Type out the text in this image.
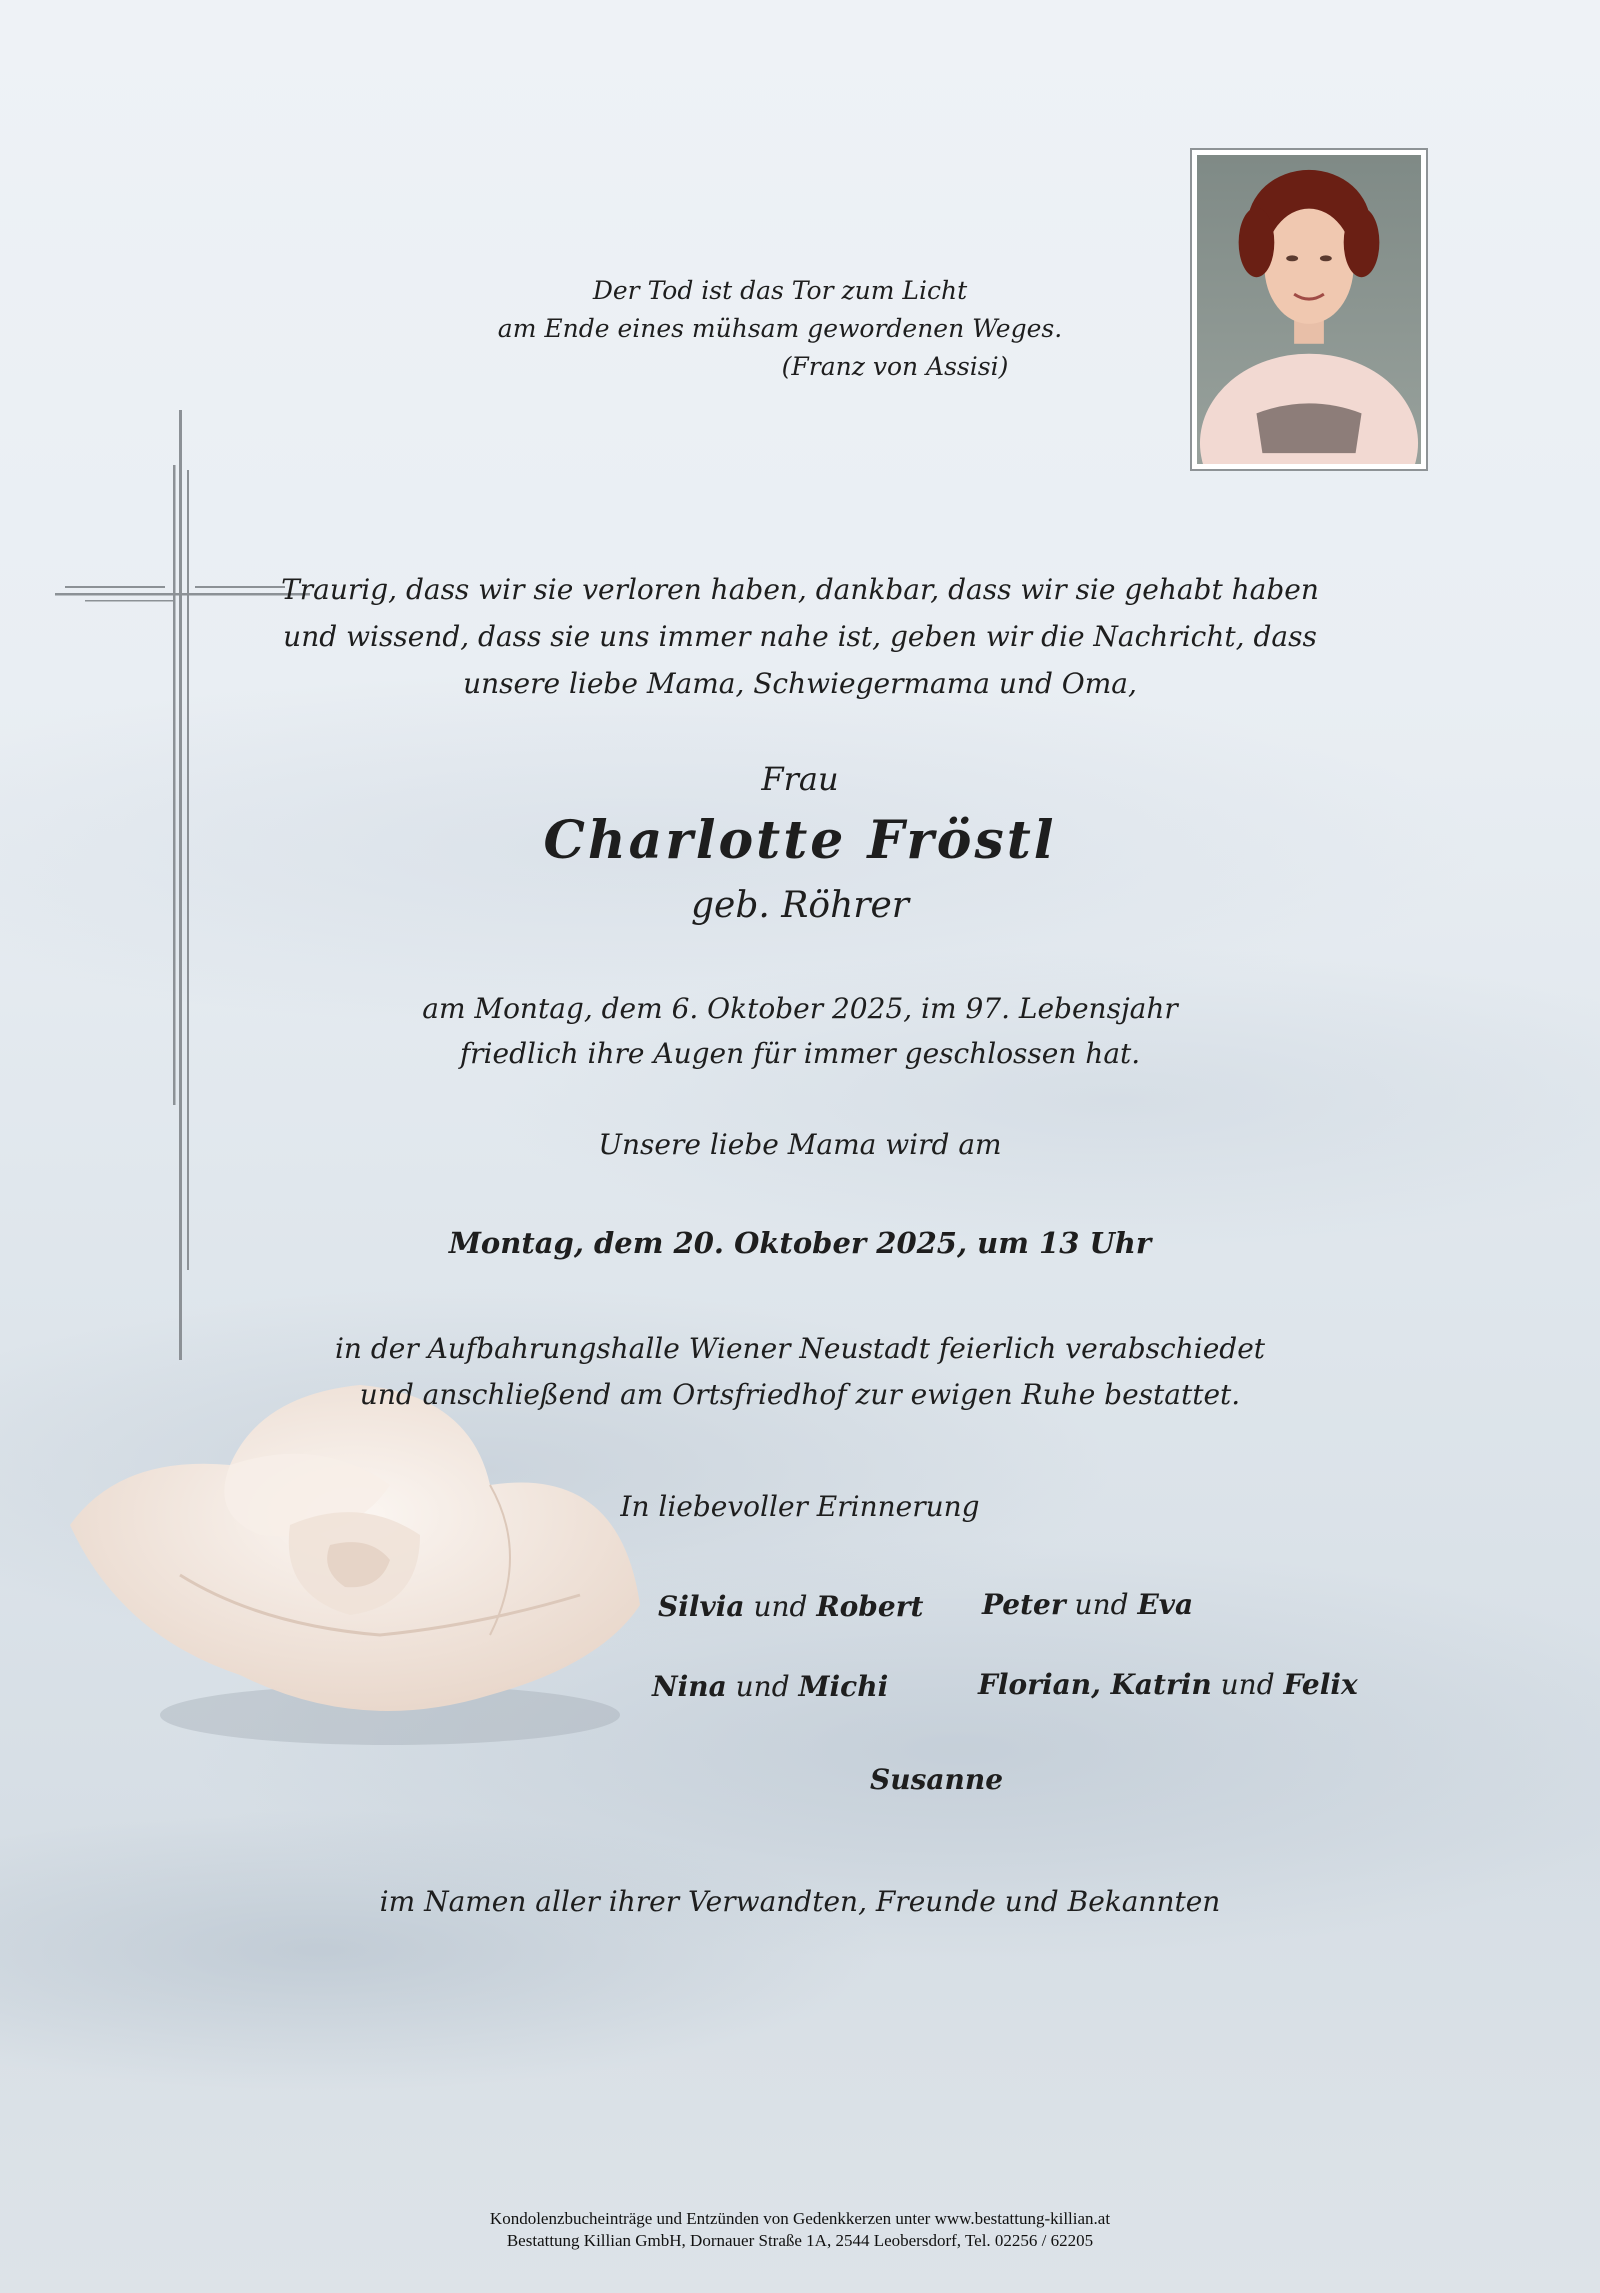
Der Tod ist das Tor zum Licht
am Ende eines mühsam gewordenen Weges.
(Franz von Assisi)
Traurig, dass wir sie verloren haben, dankbar, dass wir sie gehabt haben
und wissend, dass sie uns immer nahe ist, geben wir die Nachricht, dass
unsere liebe Mama, Schwiegermama und Oma,
Frau
Charlotte Fröstl
geb. Röhrer
am Montag, dem 6. Oktober 2025, im 97. Lebensjahr
friedlich ihre Augen für immer geschlossen hat.
Unsere liebe Mama wird am
Montag, dem 20. Oktober 2025, um 13 Uhr
in der Aufbahrungshalle Wiener Neustadt feierlich verabschiedet
und anschließend am Ortsfriedhof zur ewigen Ruhe bestattet.
In liebevoller Erinnerung
Silvia und Robert Peter und Eva
Nina und Michi	Florian, Katrin und Felix
Susanne
im Namen aller ihrer Verwandten, Freunde und Bekannten
Kondolenzbucheinträge und Entzünden von Gedenkkerzen unter www.bestattung-killian.at
Bestattung Killian GmbH, Dornauer Straße 1A, 2544 Leobersdorf, Tel. 02256 / 62205
